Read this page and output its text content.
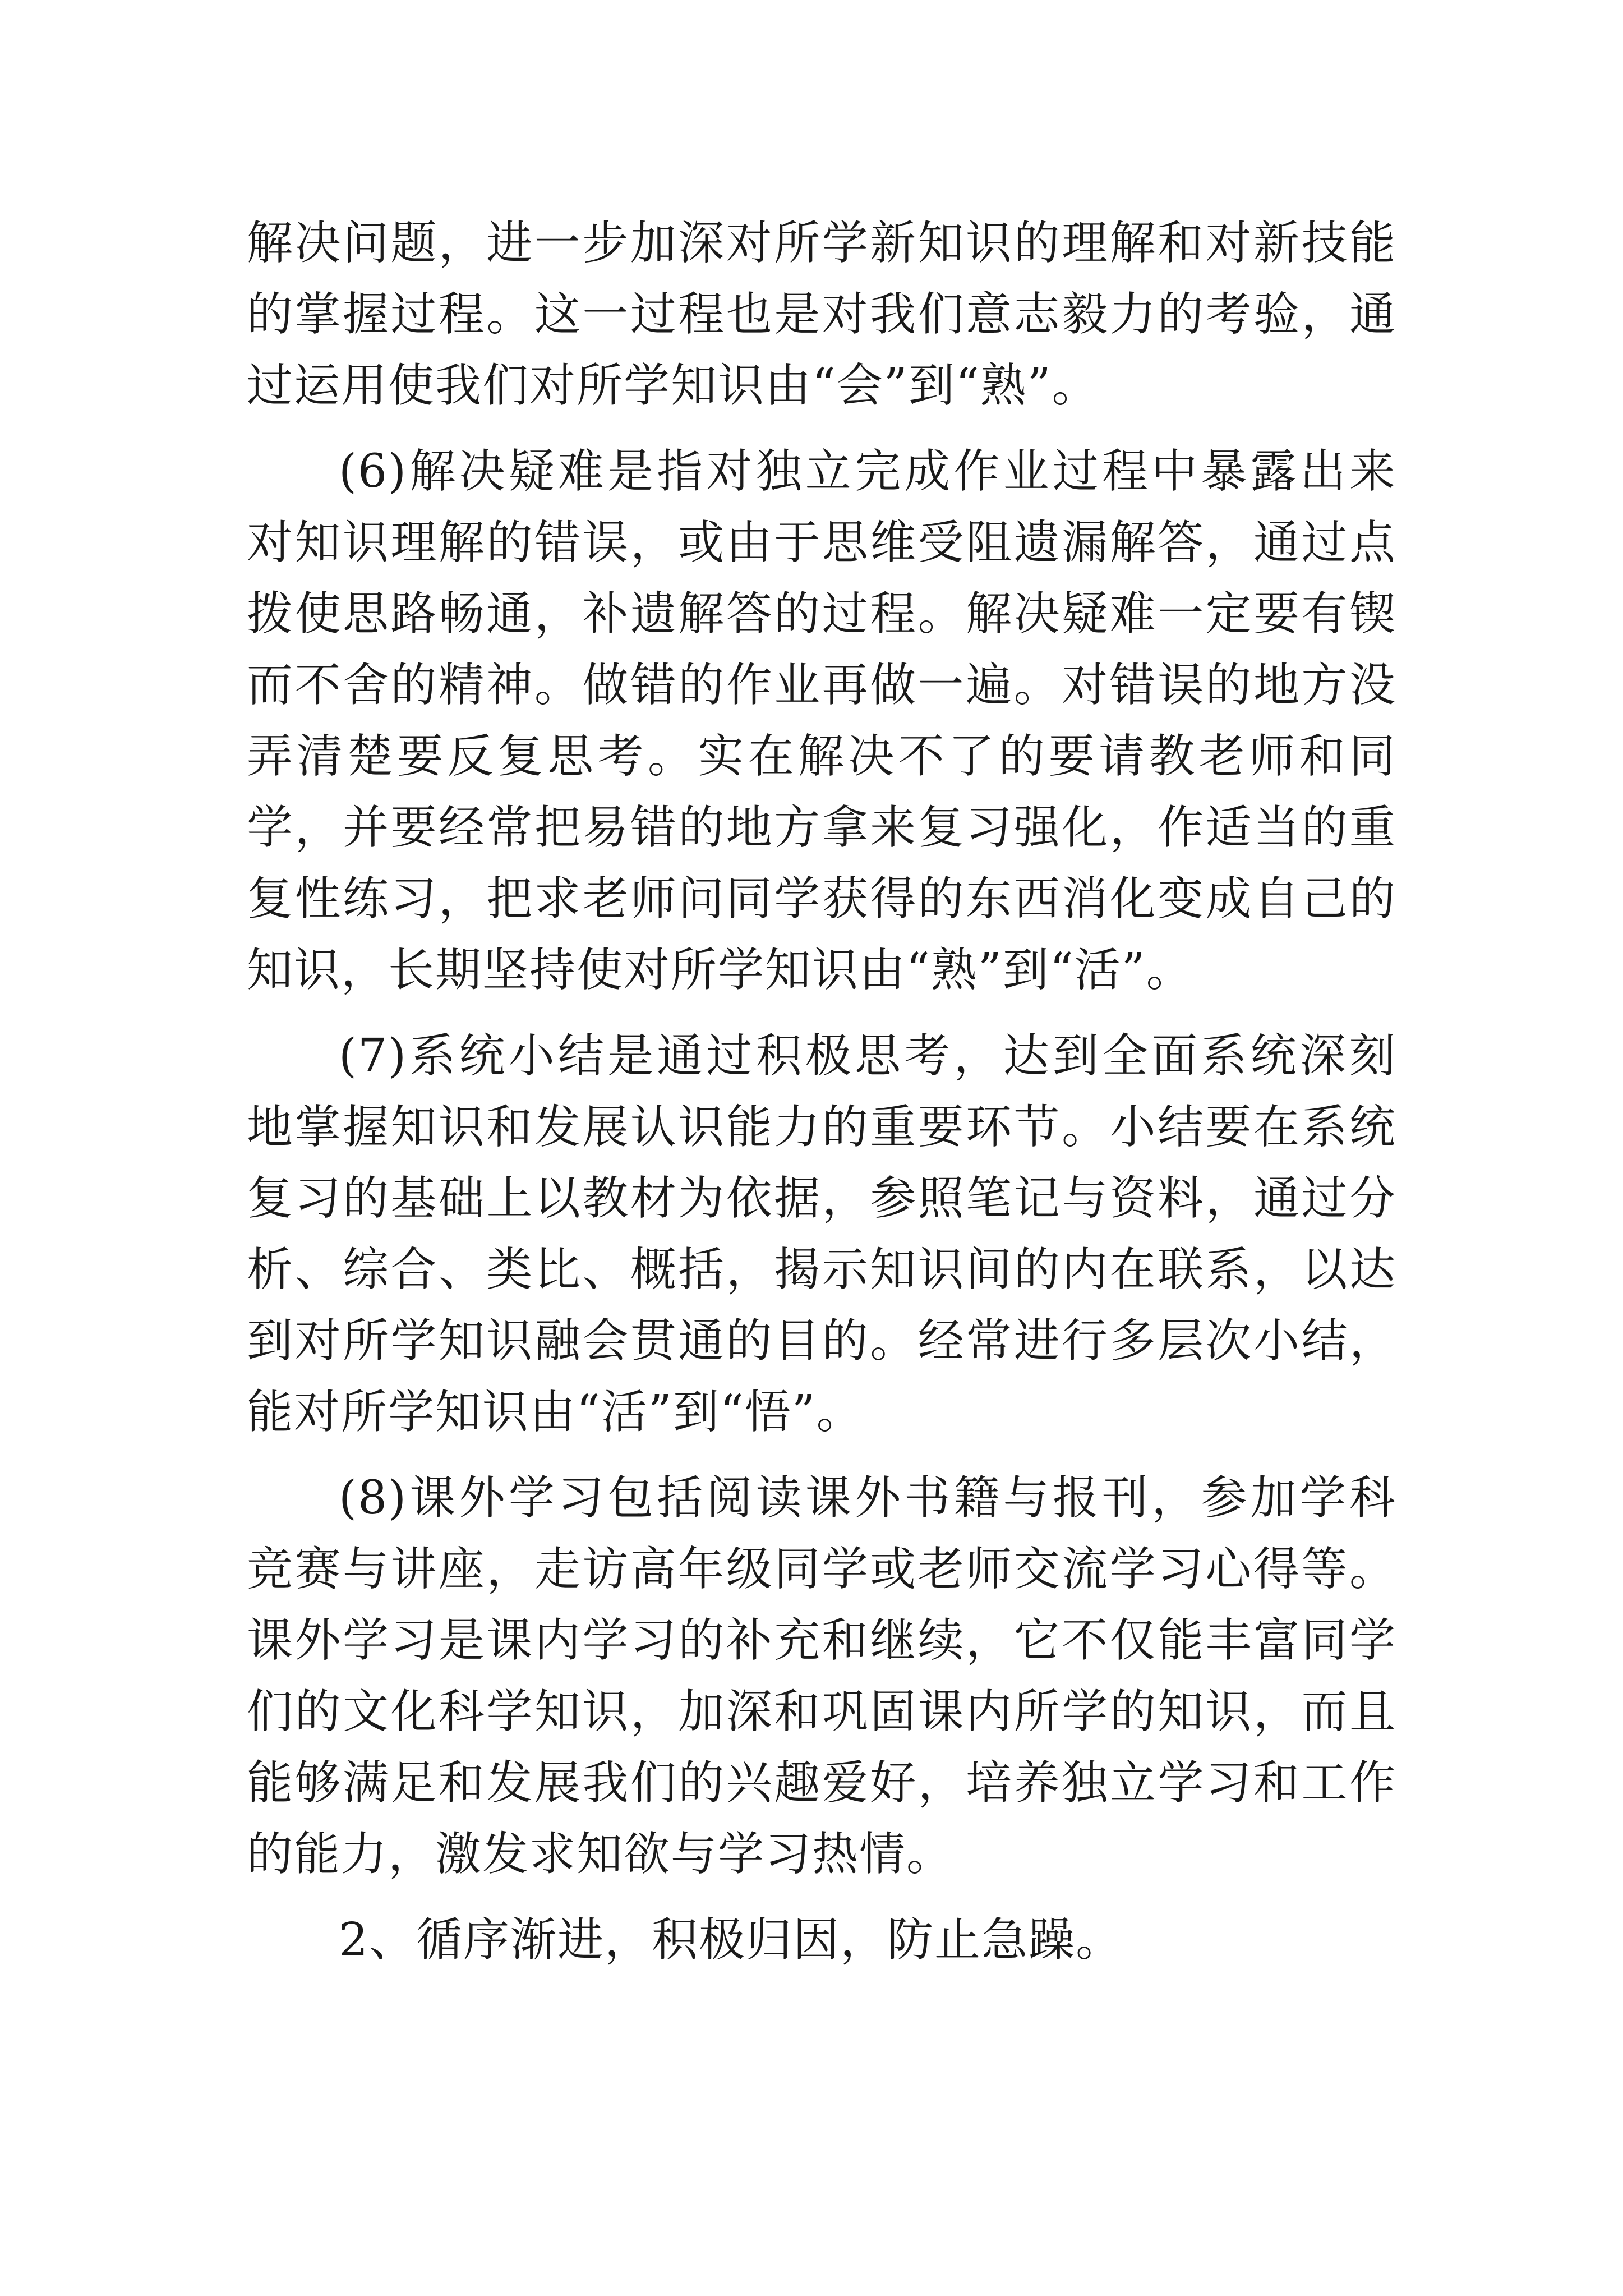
解决问题，进一步加深对所学新知识的理解和对新技能的掌握过程。这一过程也是对我们意志毅力的考验，通过运用使我们对所学知识由“会”到“熟”。

(6)解决疑难是指对独立完成作业过程中暴露出来对知识理解的错误，或由于思维受阻遗漏解答，通过点拨使思路畅通，补遗解答的过程。解决疑难一定要有锲而不舍的精神。做错的作业再做一遍。对错误的地方没弄清楚要反复思考。实在解决不了的要请教老师和同学，并要经常把易错的地方拿来复习强化，作适当的重复性练习，把求老师问同学获得的东西消化变成自己的知识，长期坚持使对所学知识由“熟”到“活”。

(7)系统小结是通过积极思考，达到全面系统深刻地掌握知识和发展认识能力的重要环节。小结要在系统复习的基础上以教材为依据，参照笔记与资料，通过分析、综合、类比、概括，揭示知识间的内在联系，以达到对所学知识融会贯通的目的。经常进行多层次小结，能对所学知识由“活”到“悟”。

(8)课外学习包括阅读课外书籍与报刊，参加学科竞赛与讲座，走访高年级同学或老师交流学习心得等。课外学习是课内学习的补充和继续，它不仅能丰富同学们的文化科学知识，加深和巩固课内所学的知识，而且能够满足和发展我们的兴趣爱好，培养独立学习和工作的能力，激发求知欲与学习热情。

2、循序渐进，积极归因，防止急躁。
